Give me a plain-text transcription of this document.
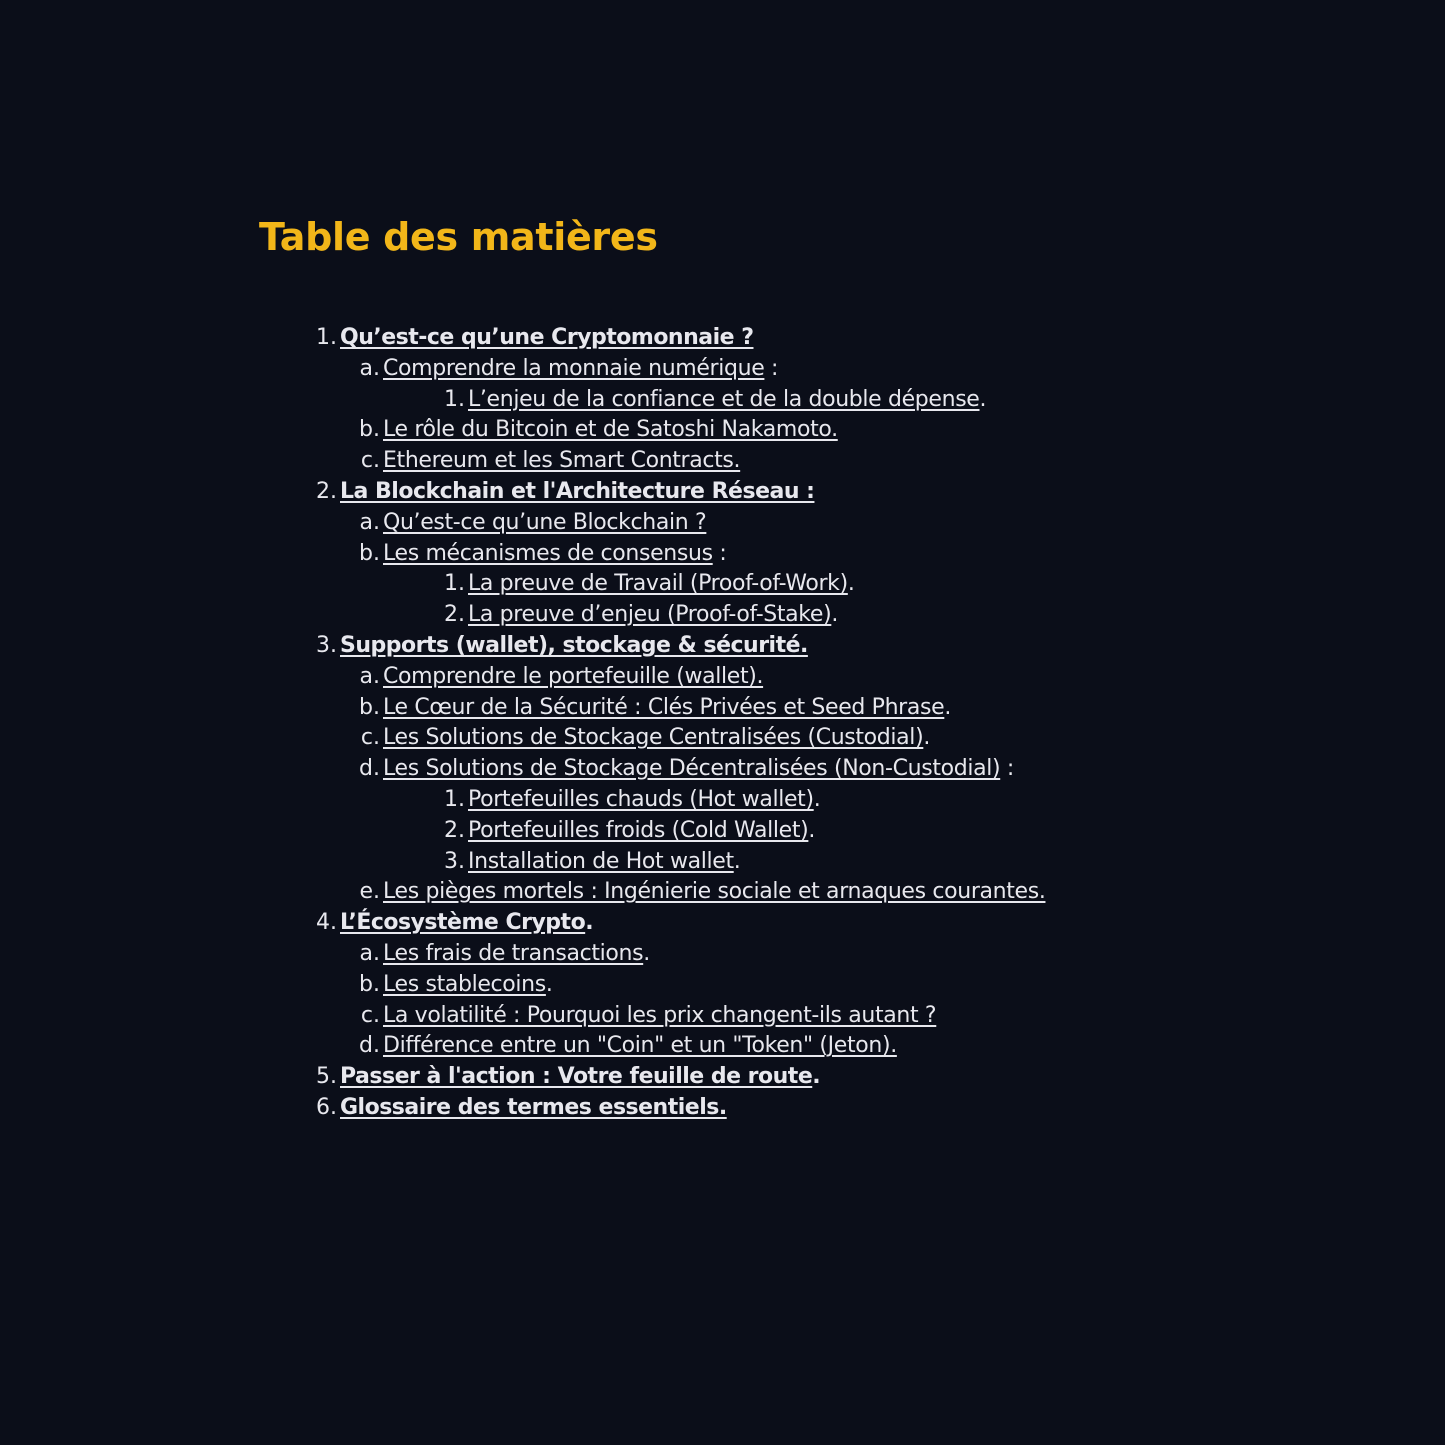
Table des matières
1. Qu’est-ce qu’une Cryptomonnaie ?
a. Comprendre la monnaie numérique :
1. L’enjeu de la confiance et de la double dépense.
b. Le rôle du Bitcoin et de Satoshi Nakamoto.
c. Ethereum et les Smart Contracts.
2. La Blockchain et l'Architecture Réseau :
a. Qu’est-ce qu’une Blockchain ?
b. Les mécanismes de consensus :
1. La preuve de Travail (Proof-of-Work).
2. La preuve d’enjeu (Proof-of-Stake).
3. Supports (wallet), stockage & sécurité.
a. Comprendre le portefeuille (wallet).
b. Le Cœur de la Sécurité : Clés Privées et Seed Phrase.
c. Les Solutions de Stockage Centralisées (Custodial).
d. Les Solutions de Stockage Décentralisées (Non-Custodial) :
1. Portefeuilles chauds (Hot wallet).
2. Portefeuilles froids (Cold Wallet).
3. Installation de Hot wallet.
e. Les pièges mortels : Ingénierie sociale et arnaques courantes.
4. L’Écosystème Crypto.
a. Les frais de transactions.
b. Les stablecoins.
c. La volatilité : Pourquoi les prix changent-ils autant ?
d. Différence entre un "Coin" et un "Token" (Jeton).
5. Passer à l'action : Votre feuille de route.
6. Glossaire des termes essentiels.
